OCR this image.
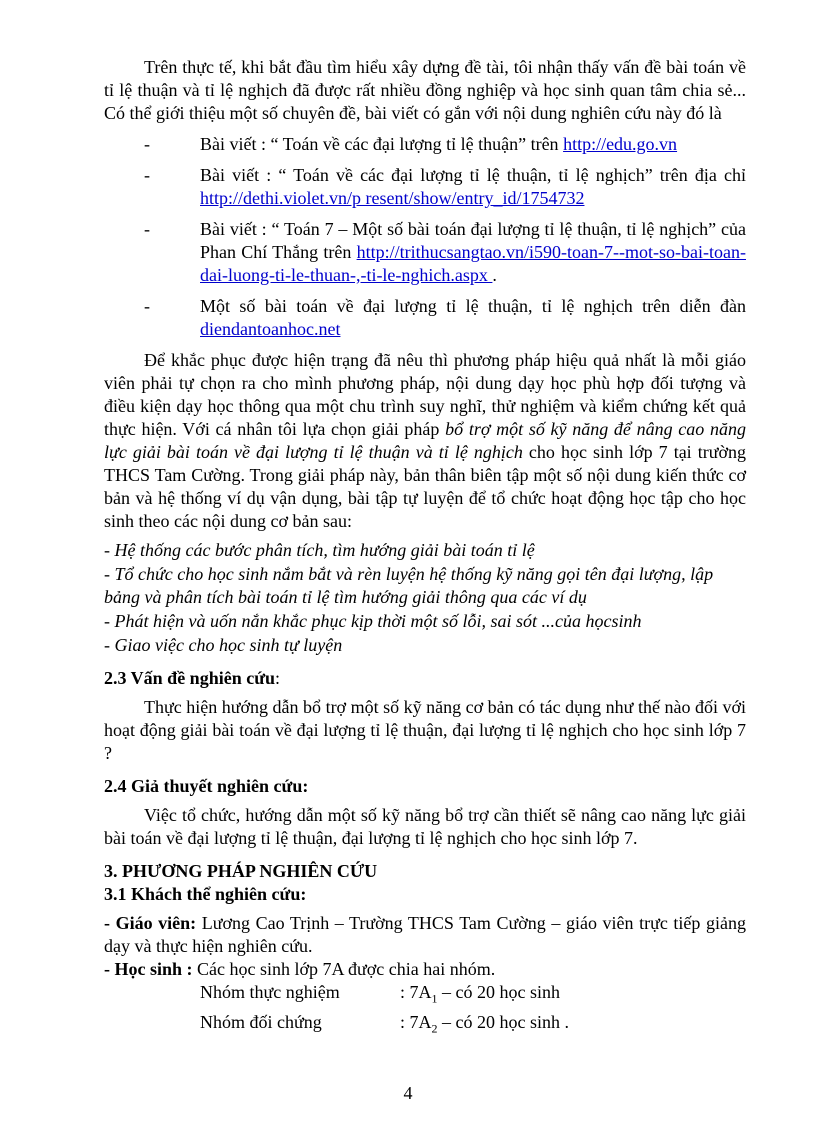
Trên thực tế, khi bắt đầu tìm hiểu xây dựng đề tài, tôi nhận thấy vấn đề bài toán về tỉ lệ thuận và tỉ lệ nghịch đã được rất nhiều đồng nghiệp và học sinh quan tâm chia sẻ... Có thể giới thiệu một số chuyên đề, bài viết có gắn với nội dung nghiên cứu này đó là

-	Bài viết : “ Toán về các đại lượng tỉ lệ thuận” trên http://edu.go.vn
-	Bài viết : “ Toán về các đại lượng tỉ lệ thuận, tỉ lệ nghịch” trên địa chỉ http://dethi.violet.vn/p resent/show/entry_id/1754732
-	Bài viết : “ Toán 7 – Một số bài toán đại lượng tỉ lệ thuận, tỉ lệ nghịch” của Phan Chí Thắng trên http://trithucsangtao.vn/i590-toan-7--mot-so-bai-toan-dai-luong-ti-le-thuan-,-ti-le-nghich.aspx .
-	Một số bài toán về đại lượng tỉ lệ thuận, tỉ lệ nghịch trên diễn đàn diendantoanhoc.net

Để khắc phục được hiện trạng đã nêu thì phương pháp hiệu quả nhất là mỗi giáo viên phải tự chọn ra cho mình phương pháp, nội dung dạy học phù hợp đối tượng và điều kiện dạy học thông qua một chu trình suy nghĩ, thử nghiệm và kiểm chứng kết quả thực hiện. Với cá nhân tôi lựa chọn giải pháp bổ trợ một số kỹ năng để nâng cao năng lực giải bài toán về đại lượng tỉ lệ thuận và tỉ lệ nghịch cho học sinh lớp 7 tại trường THCS Tam Cường. Trong giải pháp này, bản thân biên tập một số nội dung kiến thức cơ bản và hệ thống ví dụ vận dụng, bài tập tự luyện để tổ chức hoạt động học tập cho học sinh theo các nội dung cơ bản sau:

- Hệ thống các bước phân tích, tìm hướng giải bài toán tỉ lệ
- Tổ chức cho học sinh nắm bắt và rèn luyện hệ thống kỹ năng gọi tên đại lượng, lập bảng và phân tích bài toán tỉ lệ tìm hướng giải thông qua các ví dụ
- Phát hiện và uốn nắn khắc phục kịp thời một số lỗi, sai sót ...của họcsinh
- Giao việc cho học sinh tự luyện
2.3 Vấn đề nghiên cứu:

Thực hiện hướng dẫn bổ trợ một số kỹ năng cơ bản có tác dụng như thế nào đối với hoạt động giải bài toán về đại lượng tỉ lệ thuận, đại lượng tỉ lệ nghịch cho học sinh lớp 7 ?

2.4 Giả thuyết nghiên cứu:

Việc tổ chức, hướng dẫn một số kỹ năng bổ trợ cần thiết sẽ nâng cao năng lực giải bài toán về đại lượng tỉ lệ thuận, đại lượng tỉ lệ nghịch cho học sinh lớp 7.

3. PHƯƠNG PHÁP NGHIÊN CỨU
3.1 Khách thể nghiên cứu:

- Giáo viên: Lương Cao Trịnh – Trường THCS Tam Cường – giáo viên trực tiếp giảng dạy và thực hiện nghiên cứu.

- Học sinh : Các học sinh lớp 7A được chia hai nhóm.

Nhóm thực nghiệm	: $7A_1$ – có 20 học sinh
Nhóm đối chứng	: $7A_2$ – có 20 học sinh .
4
